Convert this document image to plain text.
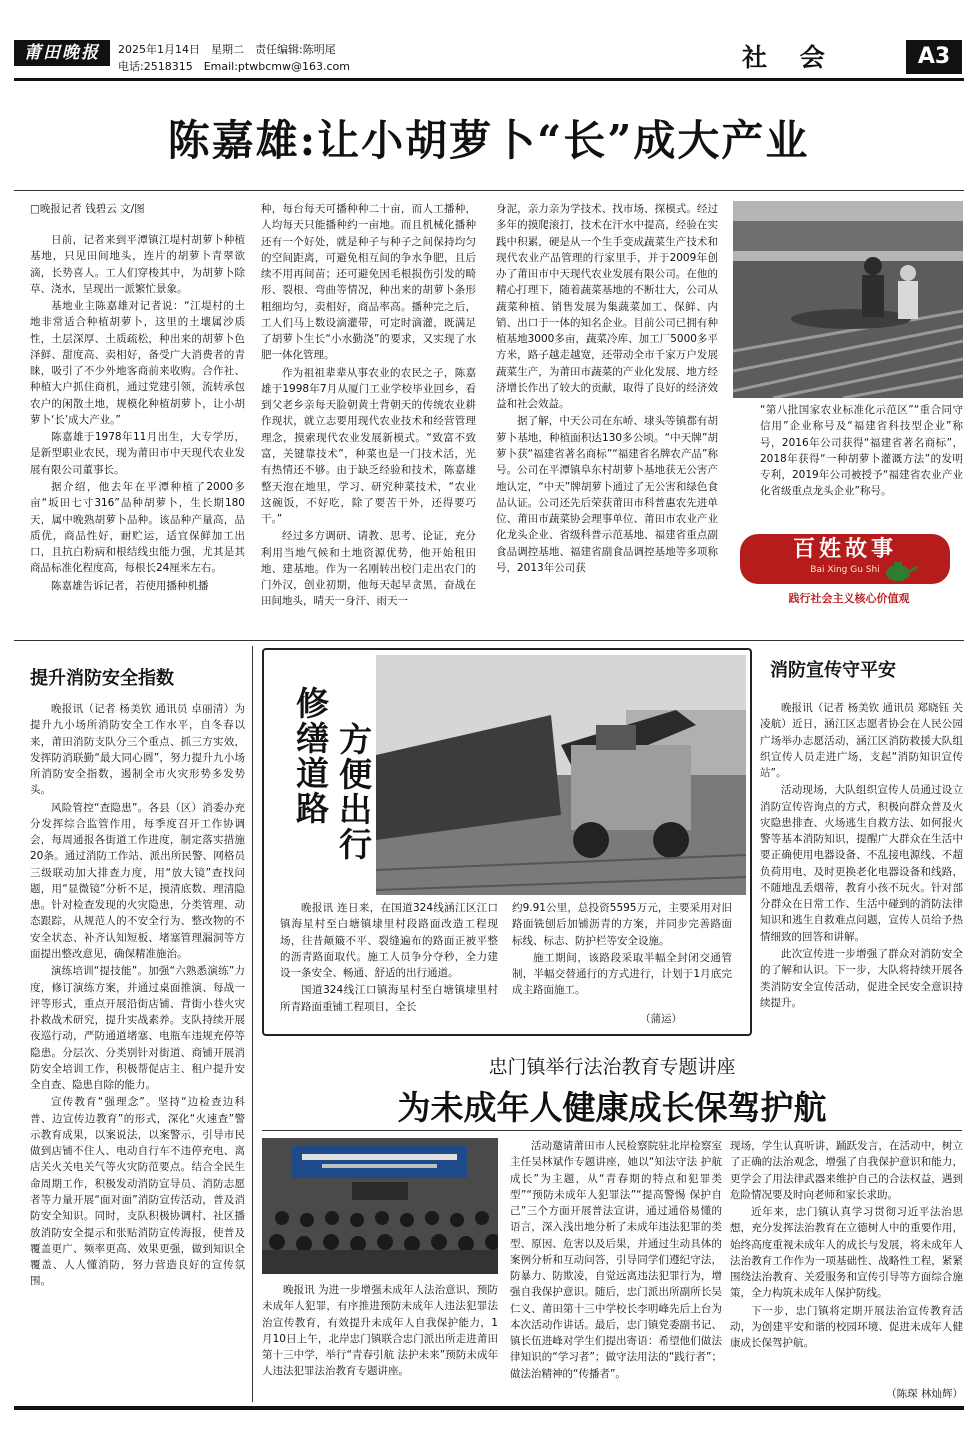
莆田晚报	2025年1月14日　星期二　责任编辑:陈明尾
电话:2518315　Email:ptwbcmw@163.com	社 会	A3
陈嘉雄:让小胡萝卜“长”成大产业
□晚报记者 钱碧云 文/图

日前，记者来到平潭镇江堤村胡萝卜种植基地，只见田间地头，连片的胡萝卜青翠欲滴，长势喜人。工人们穿梭其中，为胡萝卜除草、浇水，呈现出一派繁忙景象。

基地业主陈嘉雄对记者说：“江堤村的土地非常适合种植胡萝卜，这里的土壤属沙质性，土层深厚、土质疏松，种出来的胡萝卜色泽鲜、甜度高、卖相好，备受广大消费者的青睐，吸引了不少外地客商前来收购。合作社、种植大户抓住商机，通过党建引领，流转承包农户的闲散土地，规模化种植胡萝卜，让小胡萝卜‘长’成大产业。”

陈嘉雄于1978年11月出生，大专学历，是新型职业农民，现为莆田市中天现代农业发展有限公司董事长。

据介绍，他去年在平潭种植了2000多亩“坂田七寸316”品种胡萝卜，生长期180天，属中晚熟胡萝卜品种。该品种产量高，品质优，商品性好，耐贮运，适宜保鲜加工出口，且抗白粉病和根结线虫能力强，尤其是其商品标准化程度高，每根长24厘米左右。

陈嘉雄告诉记者，若使用播种机播

种，每台每天可播种种二十亩，而人工播种，人均每天只能播种约一亩地。而且机械化播种还有一个好处，就是种子与种子之间保持均匀的空间距离，可避免相互间的争水争肥，且后续不用再间苗；还可避免因毛根损伤引发的畸形、裂根、弯曲等情况，种出来的胡萝卜条形粗细均匀，卖相好，商品率高。播种完之后，工人们马上数设滴灌带，可定时滴灌，既满足了胡萝卜生长“小水勤浇”的要求，又实现了水肥一体化管理。

作为祖祖辈辈从事农业的农民之子，陈嘉雄于1998年7月从厦门工业学校毕业回乡，看到父老乡亲每天脸朝黄土背朝天的传统农业耕作现状，就立志要用现代农业技术和经营管理理念，摸索现代农业发展新模式。“致富不致富，关键靠技术”，种菜也是一门技术活，光有热情还不够。由于缺乏经验和技术，陈嘉雄整天泡在地里，学习、研究种菜技术，“农业这碗饭，不好吃，除了要苦干外，还得要巧干。”

经过多方调研、请教、思考、论证，充分利用当地气候和土地资源优势，他开始租田地、建基地。作为一名刚转出校门走出农门的门外汉，创业初期，他每天起早贪黑，奋战在田间地头，晴天一身汗、雨天一

身泥，亲力亲为学技术、找市场、探模式。经过多年的摸爬滚打，技术在汗水中提高，经验在实践中积累，硬是从一个生手变成蔬菜生产技术和现代农业产品管理的行家里手，并于2009年创办了莆田市中天现代农业发展有限公司。在他的精心打理下，随着蔬菜基地的不断壮大，公司从蔬菜种植、销售发展为集蔬菜加工、保鲜、内销、出口于一体的知名企业。目前公司已拥有种植基地3000多亩，蔬菜冷库、加工厂5000多平方米，路子越走越宽，还带动全市千家万户发展蔬菜生产，为莆田市蔬菜的产业化发展、地方经济增长作出了较大的贡献，取得了良好的经济效益和社会效益。

据了解，中天公司在东峤、埭头等镇都有胡萝卜基地，种植面积达130多公顷。“中天牌”胡萝卜获“福建省著名商标”“福建省名牌农产品”称号。公司在平潭镇阜东村胡萝卜基地获无公害产地认定，“中天”牌胡萝卜通过了无公害和绿色食品认证。公司还先后荣获莆田市科普惠农先进单位、莆田市蔬菜协会理事单位、莆田市农业产业化龙头企业、省级科普示范基地、福建省重点副食品调控基地、福建省副食品调控基地等多项称号，2013年公司获

“第八批国家农业标准化示范区”“重合同守信用”企业称号及“福建省科技型企业”称号，2016年公司获得“福建省著名商标”，2018年获得“一种胡萝卜灌溉方法”的发明专利，2019年公司被授予“福建省农业产业化省级重点龙头企业”称号。
百姓故事
Bai Xing Gu Shi
践行社会主义核心价值观
提升消防安全指数

晚报讯（记者 杨美钦 通讯员 卓丽清）为提升九小场所消防安全工作水平，自冬春以来，莆田消防支队分三个重点、抓三方实效，发挥防消联勤“最大同心圆”，努力提升九小场所消防安全指数，遏制全市火灾形势多发势头。

风险管控“查隐患”。各县（区）消委办充分发挥综合监管作用，每季度召开工作协调会，每周通报各街道工作进度，制定落实措施20条。通过消防工作站、派出所民警、网格员三级联动加大排查力度，用“放大镜”查找问题，用“显微镜”分析不足，摸清底数、理清隐患。针对检查发现的火灾隐患，分类管理、动态跟踪，从规范人的不安全行为、整改物的不安全状态、补齐认知短板、堵塞管理漏洞等方面提出整改意见，确保精准施治。

演练培训“提技能”。加强“六熟悉演练”力度，修订演练方案，并通过桌面推演、每战一评等形式，重点开展沿街店铺、背街小巷火灾扑救战术研究，提升实战素养。支队持续开展夜巡行动，严防通道堵塞、电瓶车违规充停等隐患。分层次、分类别针对街道、商铺开展消防安全培训工作，积极帮促店主、租户提升安全自查、隐患自除的能力。

宣传教育“强理念”。坚持“边检查边科普、边宣传边教育”的形式，深化“火速查”警示教育成果，以案说法，以案警示，引导市民做到店铺不住人、电动自行车不违停充电、离店关火关电关气等火灾防范要点。结合全民生命周期工作，积极发动消防宣导员、消防志愿者等力量开展“面对面”消防宣传活动，普及消防安全知识。同时，支队积极协调村、社区播放消防安全提示和张贴消防宣传海报，使普及覆盖更广、频率更高、效果更强，做到知识全覆盖、人人懂消防，努力营造良好的宣传氛围。

修缮道路 方便出行

晚报讯 连日来，在国道324线涵江区江口镇海星村至白塘镇埭里村段路面改造工程现场，往昔颠簸不平、裂缝遍布的路面正被平整的沥青路面取代。施工人员争分夺秒，全力建设一条安全、畅通、舒适的出行通道。

国道324线江口镇海星村至白塘镇埭里村所青路面重铺工程项目，全长

约9.91公里，总投资5595万元，主要采用对旧路面铣刨后加铺沥青的方案，并同步完善路面标线、标志、防护栏等安全设施。

施工期间，该路段采取半幅全封闭交通管制，半幅交替通行的方式进行，计划于1月底完成主路面施工。

（蒲运）
消防宣传守平安

晚报讯（记者 杨美钦 通讯员 郑晓钰 关凌航）近日，涵江区志愿者协会在人民公园广场举办志愿活动，涵江区消防救援大队组织宣传人员走进广场，支起“消防知识宣传站”。

活动现场，大队组织宣传人员通过设立消防宣传咨询点的方式，积极向群众普及火灾隐患排查、火场逃生自救方法、如何报火警等基本消防知识，提醒广大群众在生活中要正确使用电器设备、不乱接电源线、不超负荷用电、及时更换老化电器设备和线路，不随地乱丢烟蒂，教育小孩不玩火。针对部分群众在日常工作、生活中碰到的消防法律知识和逃生自救难点问题，宣传人员给予热情细致的回答和讲解。

此次宣传进一步增强了群众对消防安全的了解和认识。下一步，大队将持续开展各类消防安全宣传活动，促进全民安全意识持续提升。

忠门镇举行法治教育专题讲座
为未成年人健康成长保驾护航

晚报讯 为进一步增强未成年人法治意识，预防未成年人犯罪，有序推进预防未成年人违法犯罪法治宣传教育，有效提升未成年人自我保护能力，1月10日上午，北岸忠门镇联合忠门派出所走进莆田第十三中学，举行“青春引航 法护未来”预防未成年人违法犯罪法治教育专题讲座。

活动邀请莆田市人民检察院驻北岸检察室主任吴林斌作专题讲座，她以“知法守法 护航成长”为主题，从“青春期的特点和犯罪类型”“预防未成年人犯罪法”“提高警惕 保护自己”三个方面开展普法宣讲，通过通俗易懂的语言，深入浅出地分析了未成年违法犯罪的类型、原因、危害以及后果，并通过生动具体的案例分析和互动问答，引导同学们遵纪守法，防暴力、防欺凌，自觉远离违法犯罪行为，增强自我保护意识。随后，忠门派出所副所长吴仁义、莆田第十三中学校长李明峰先后上台为本次活动作讲话。最后，忠门镇党委副书记、镇长伍进峰对学生们提出寄语：希望他们做法律知识的“学习者”；做守法用法的“践行者”；做法治精神的“传播者”。

现场，学生认真听讲，踊跃发言，在活动中，树立了正确的法治观念，增强了自我保护意识和能力，更学会了用法律武器来维护自己的合法权益，遇到危险情况要及时向老师和家长求助。

近年来，忠门镇认真学习贯彻习近平法治思想，充分发挥法治教育在立德树人中的重要作用，始终高度重视未成年人的成长与发展，将未成年人法治教育工作作为一项基础性、战略性工程，紧紧围绕法治教育、关爱服务和宣传引导等方面综合施策，全力构筑未成年人保护防线。

下一步，忠门镇将定期开展法治宣传教育活动，为创建平安和谐的校园环境、促进未成年人健康成长保驾护航。

（陈琛 林灿辉）
